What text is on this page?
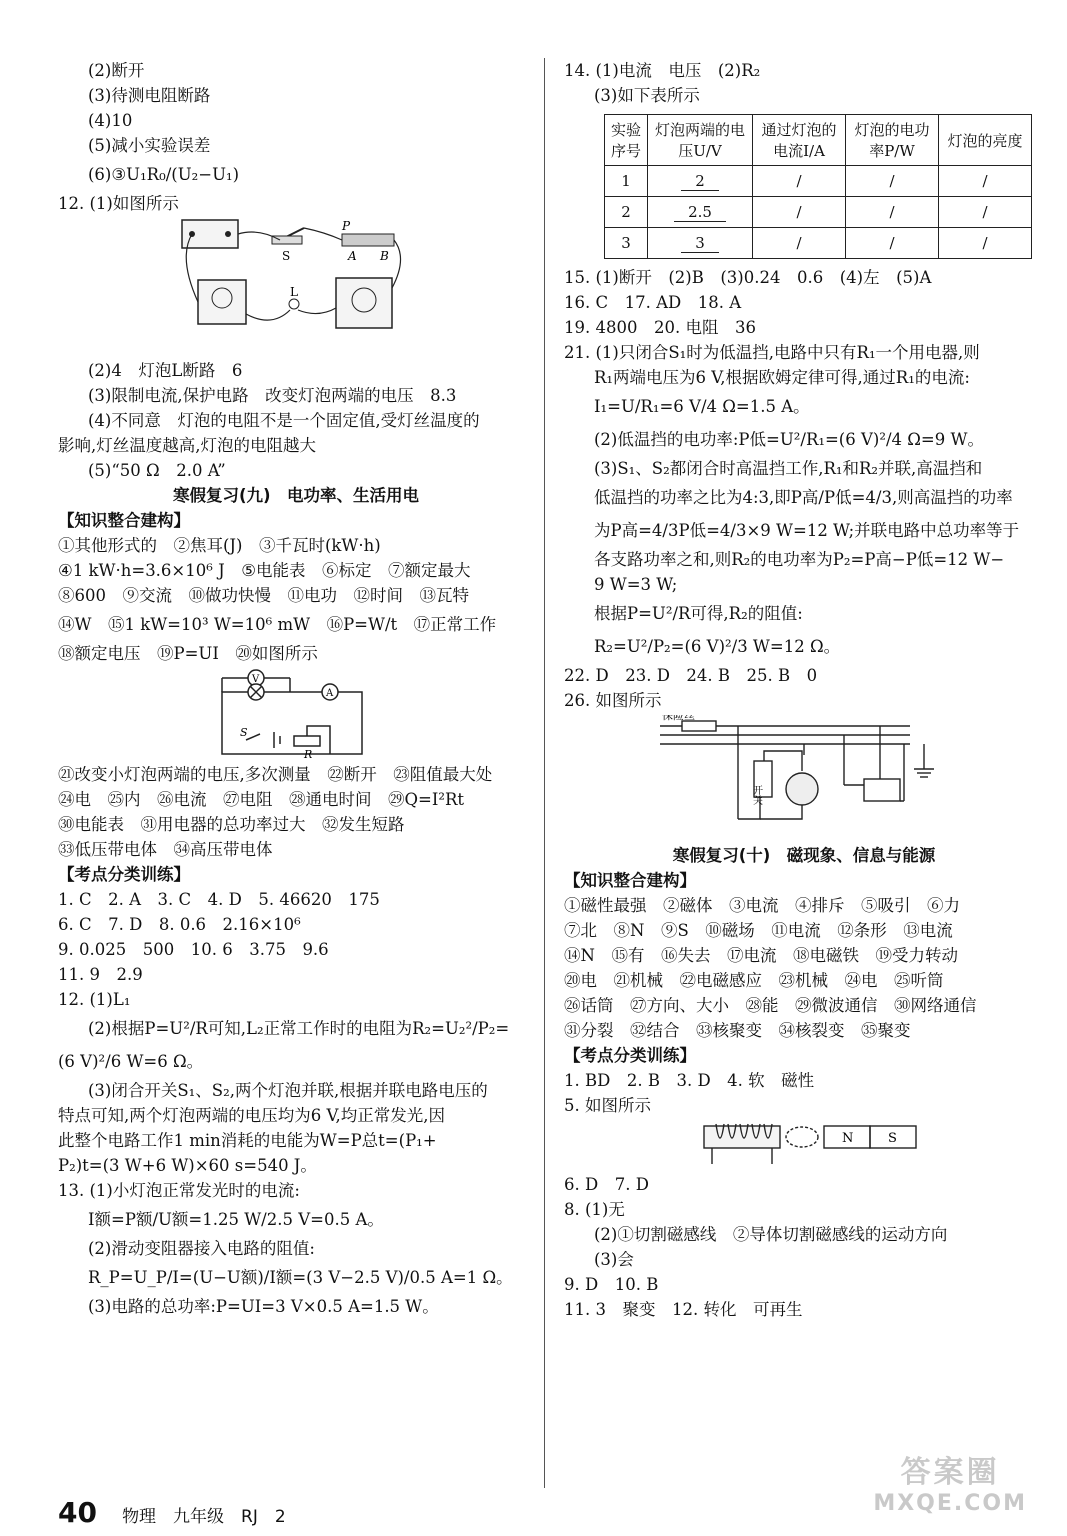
(2)断开
(3)待测电阻断路
(4)10
(5)减小实验误差
(6)③U₁R₀/(U₂−U₁)
12. (1)如图所示
P
S	A B
L
(2)4　灯泡L断路　6
(3)限制电流,保护电路　改变灯泡两端的电压　8.3
(4)不同意　灯泡的电阻不是一个固定值,受灯丝温度的
影响,灯丝温度越高,灯泡的电阻越大
(5)“50 Ω　2.0 A”
寒假复习(九)　电功率、生活用电
【知识整合建构】
①其他形式的　②焦耳(J)　③千瓦时(kW·h)
④1 kW·h=3.6×10⁶ J　⑤电能表　⑥标定　⑦额定最大
⑧600　⑨交流　⑩做功快慢　⑪电功　⑫时间　⑬瓦特
⑭W　⑮1 kW=10³ W=10⁶ mW　⑯P=W/t　⑰正常工作
⑱额定电压　⑲P=UI　⑳如图所示
V
A
S
R
㉑改变小灯泡两端的电压,多次测量　㉒断开　㉓阻值最大处
㉔电　㉕内　㉖电流　㉗电阻　㉘通电时间　㉙Q=I²Rt
㉚电能表　㉛用电器的总功率过大　㉜发生短路
㉝低压带电体　㉞高压带电体
【考点分类训练】
1. C　2. A　3. C　4. D　5. 46620　175
6. C　7. D　8. 0.6　2.16×10⁶
9. 0.025　500　10. 6　3.75　9.6
11. 9　2.9
12. (1)L₁
(2)根据P=U²/R可知,L₂正常工作时的电阻为R₂=U₂²/P₂=
(6 V)²/6 W=6 Ω。
(3)闭合开关S₁、S₂,两个灯泡并联,根据并联电路电压的
特点可知,两个灯泡两端的电压均为6 V,均正常发光,因
此整个电路工作1 min消耗的电能为W=P总t=(P₁+
P₂)t=(3 W+6 W)×60 s=540 J。
13. (1)小灯泡正常发光时的电流:
I额=P额/U额=1.25 W/2.5 V=0.5 A。
(2)滑动变阻器接入电路的阻值:
R_P=U_P/I=(U−U额)/I额=(3 V−2.5 V)/0.5 A=1 Ω。
(3)电路的总功率:P=UI=3 V×0.5 A=1.5 W。
14. (1)电流　电压　(2)R₂
(3)如下表所示
实验序号	灯泡两端的电压U/V	通过灯泡的电流I/A	灯泡的电功率P/W	灯泡的亮度
1	2	/	/	/
2	2.5	/	/	/
3	3	/	/	/
15. (1)断开　(2)B　(3)0.24　0.6　(4)左　(5)A
16. C　17. AD　18. A
19. 4800　20. 电阻　36
21. (1)只闭合S₁时为低温挡,电路中只有R₁一个用电器,则
R₁两端电压为6 V,根据欧姆定律可得,通过R₁的电流:
I₁=U/R₁=6 V/4 Ω=1.5 A。
(2)低温挡的电功率:P低=U²/R₁=(6 V)²/4 Ω=9 W。
(3)S₁、S₂都闭合时高温挡工作,R₁和R₂并联,高温挡和
低温挡的功率之比为4:3,即P高/P低=4/3,则高温挡的功率
为P高=4/3P低=4/3×9 W=12 W;并联电路中总功率等于
各支路功率之和,则R₂的电功率为P₂=P高−P低=12 W−
9 W=3 W;
根据P=U²/R可得,R₂的阻值:
R₂=U²/P₂=(6 V)²/3 W=12 Ω。
22. D　23. D　24. B　25. B　0
26. 如图所示
保险丝
开关
寒假复习(十)　磁现象、信息与能源
【知识整合建构】
①磁性最强　②磁体　③电流　④排斥　⑤吸引　⑥力
⑦北　⑧N　⑨S　⑩磁场　⑪电流　⑫条形　⑬电流
⑭N　⑮有　⑯失去　⑰电流　⑱电磁铁　⑲受力转动
⑳电　㉑机械　㉒电磁感应　㉓机械　㉔电　㉕听筒
㉖话筒　㉗方向、大小　㉘能　㉙微波通信　㉚网络通信
㉛分裂　㉜结合　㉝核聚变　㉞核裂变　㉟聚变
【考点分类训练】
1. BD　2. B　3. D　4. 软　磁性
5. 如图所示
N	S
6. D　7. D
8. (1)无
(2)①切割磁感线　②导体切割磁感线的运动方向
(3)会
9. D　10. B
11. 3　聚变　12. 转化　可再生
40 物理　九年级　RJ　2
答案圈
MXQE.COM
